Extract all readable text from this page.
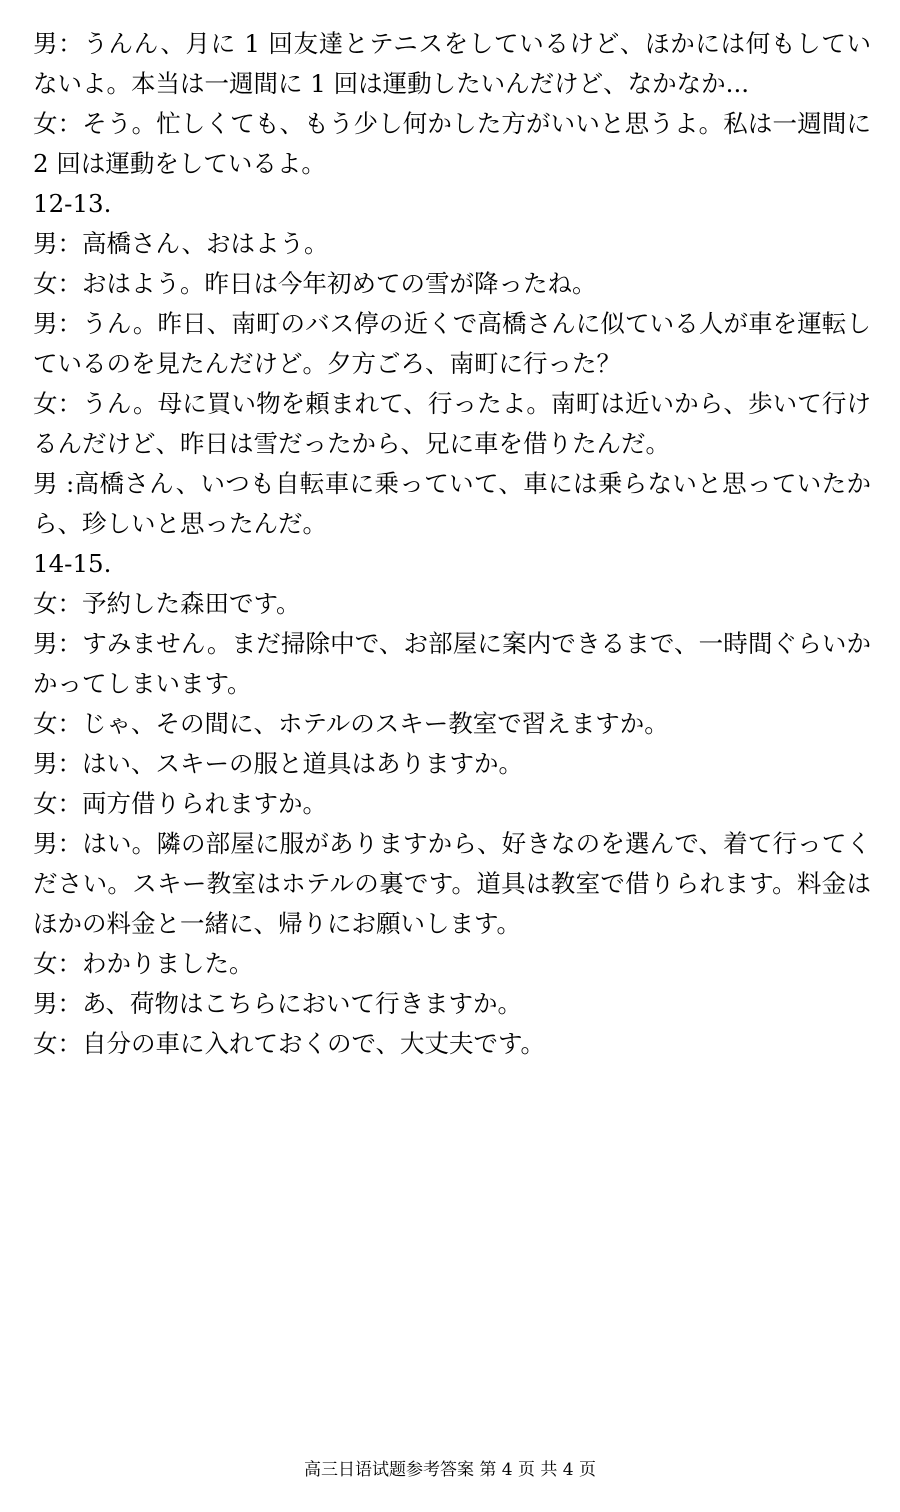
男：うんん、月に 1 回友達とテニスをしているけど、ほかには何もしていないよ。本当は一週間に 1 回は運動したいんだけど、なかなか...

女：そう。忙しくても、もう少し何かした方がいいと思うよ。私は一週間に 2 回は運動をしているよ。

12-13.

男：高橋さん、おはよう。

女：おはよう。昨日は今年初めての雪が降ったね。

男：うん。昨日、南町のバス停の近くで高橋さんに似ている人が車を運転しているのを見たんだけど。夕方ごろ、南町に行った？

女：うん。母に買い物を頼まれて、行ったよ。南町は近いから、歩いて行けるんだけど、昨日は雪だったから、兄に車を借りたんだ。

男 :高橋さん、いつも自転車に乗っていて、車には乗らないと思っていたから、珍しいと思ったんだ。

14-15.

女：予約した森田です。

男：すみません。まだ掃除中で、お部屋に案内できるまで、一時間ぐらいかかってしまいます。

女：じゃ、その間に、ホテルのスキー教室で習えますか。

男：はい、スキーの服と道具はありますか。

女：両方借りられますか。

男：はい。隣の部屋に服がありますから、好きなのを選んで、着て行ってください。スキー教室はホテルの裏です。道具は教室で借りられます。料金はほかの料金と一緒に、帰りにお願いします。

女：わかりました。

男：あ、荷物はこちらにおいて行きますか。

女：自分の車に入れておくので、大丈夫です。

高三日语试题参考答案 第 4 页 共 4 页
